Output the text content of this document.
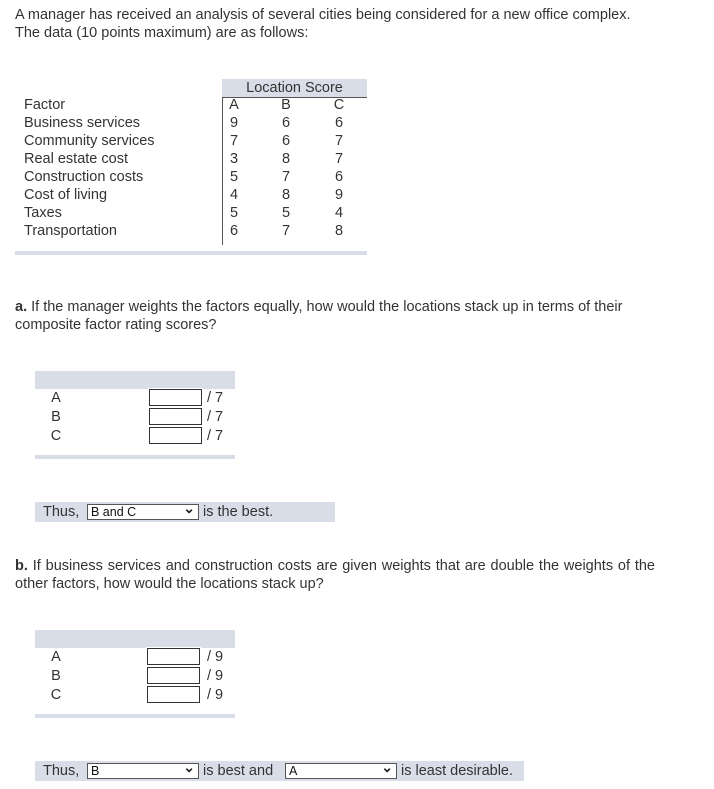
A manager has received an analysis of several cities being considered for a new office complex. The data (10 points maximum) are as follows:
Location Score
Factor	A	B	C
Business services	9	6	6
Community services	7	6	7
Real estate cost	3	8	7
Construction costs	5	7	6
Cost of living	4	8	9
Taxes	5	5	4
Transportation	6	7	8
a. If the manager weights the factors equally, how would the locations stack up in terms of their composite factor rating scores?
A	/ 7
B	/ 7
C	/ 7
Thus, B and C	⌄ is the best.
b. If business services and construction costs are given weights that are double the weights of the other factors, how would the locations stack up?
A	/ 9
B	/ 9
C	/ 9
Thus, B	⌄ is best and	A	⌄ is least desirable.
